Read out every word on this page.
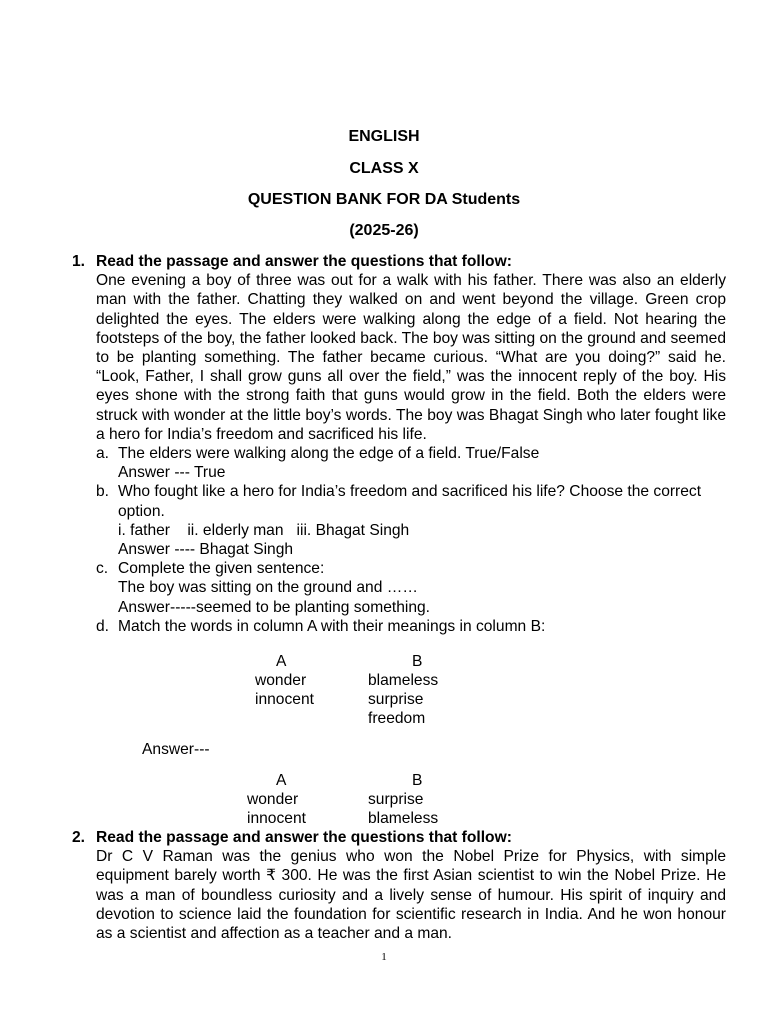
ENGLISH
CLASS X
QUESTION BANK FOR DA Students
(2025-26)
1. Read the passage and answer the questions that follow:
One evening a boy of three was out for a walk with his father. There was also an elderly man with the father. Chatting they walked on and went beyond the village. Green crop delighted the eyes. The elders were walking along the edge of a field. Not hearing the footsteps of the boy, the father looked back. The boy was sitting on the ground and seemed to be planting something. The father became curious. “What are you doing?” said he. “Look, Father, I shall grow guns all over the field,” was the innocent reply of the boy. His eyes shone with the strong faith that guns would grow in the field. Both the elders were struck with wonder at the little boy’s words. The boy was Bhagat Singh who later fought like a hero for India’s freedom and sacrificed his life.
a. The elders were walking along the edge of a field. True/False
Answer --- True
b. Who fought like a hero for India’s freedom and sacrificed his life? Choose the correct option.
i. father    ii. elderly man   iii. Bhagat Singh
Answer ---- Bhagat Singh
c. Complete the given sentence:
The boy was sitting on the ground and ……
Answer-----seemed to be planting something.
d. Match the words in column A with their meanings in column B:
A	B
wonder
innocent
blameless
surprise
freedom
Answer---
A	B
wonder
innocent
surprise
blameless
2. Read the passage and answer the questions that follow:
Dr C V Raman was the genius who won the Nobel Prize for Physics, with simple equipment barely worth ₹ 300. He was the first Asian scientist to win the Nobel Prize. He was a man of boundless curiosity and a lively sense of humour. His spirit of inquiry and devotion to science laid the foundation for scientific research in India. And he won honour as a scientist and affection as a teacher and a man.
1
